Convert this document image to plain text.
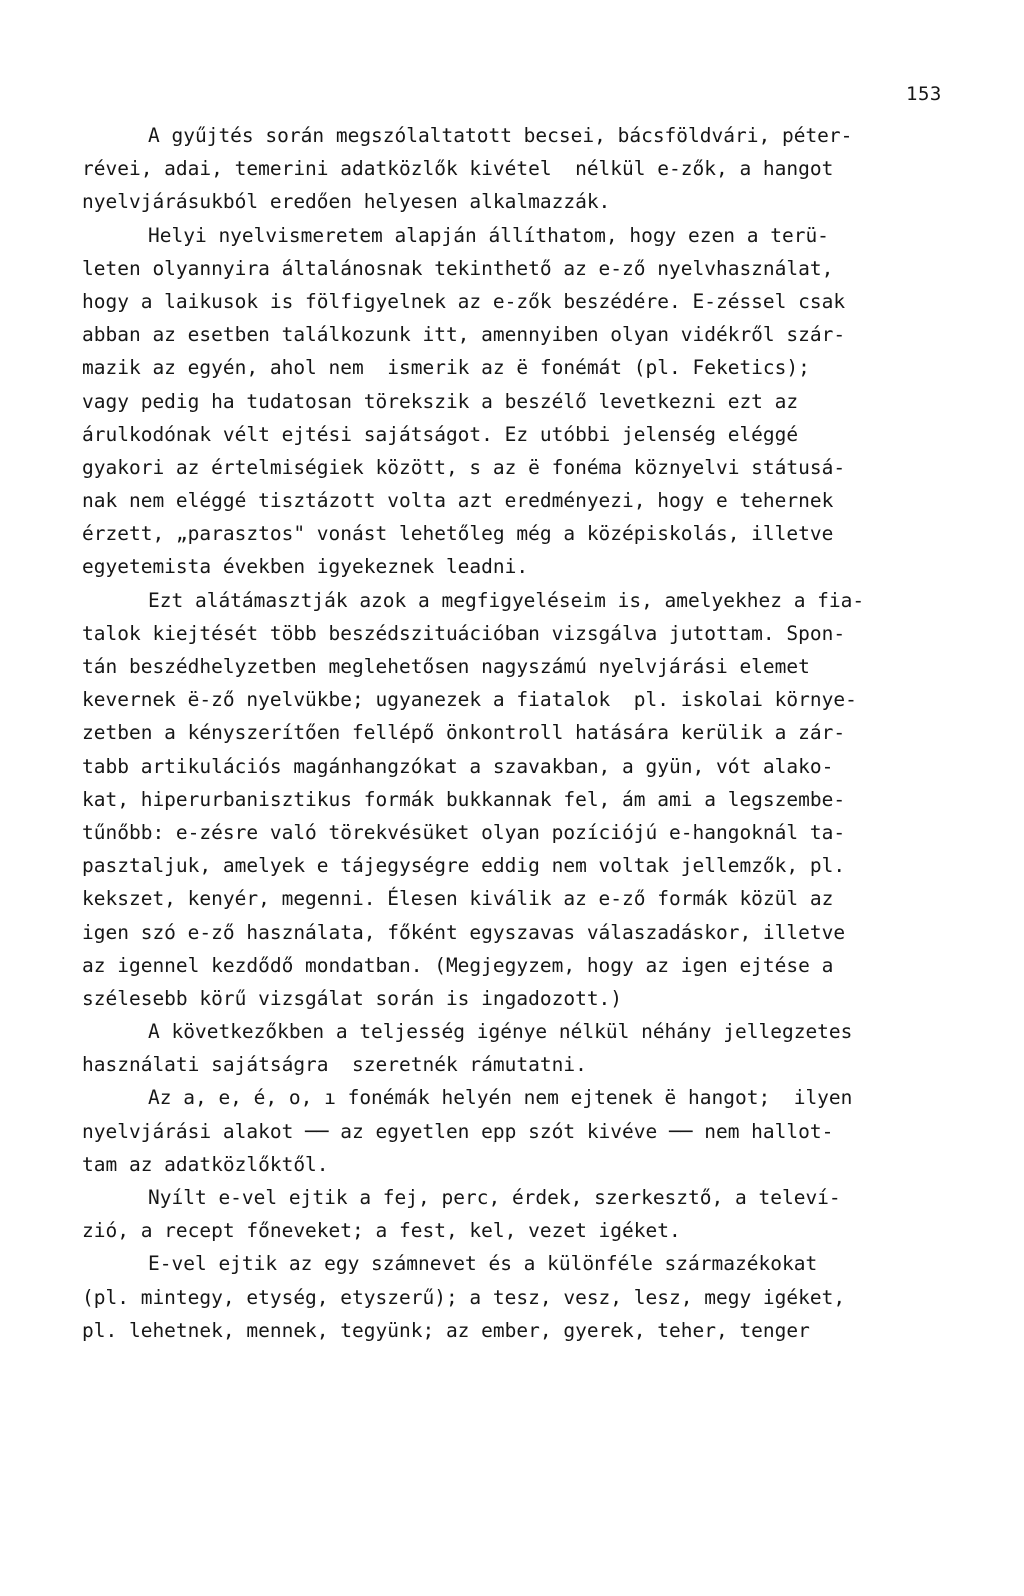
153
A gyűjtés során megszólaltatott becsei, bácsföldvári, péter-
révei, adai, temerini adatközlők kivétel  nélkül e-zők, a hangot
nyelvjárásukból eredően helyesen alkalmazzák.
Helyi nyelvismeretem alapján állíthatom, hogy ezen a terü-
leten olyannyira általánosnak tekinthető az e-ző nyelvhasználat,
hogy a laikusok is fölfigyelnek az e-zők beszédére. E-zéssel csak
abban az esetben találkozunk itt, amennyiben olyan vidékről szár-
mazik az egyén, ahol nem  ismerik az ë fonémát (pl. Feketics);
vagy pedig ha tudatosan törekszik a beszélő levetkezni ezt az
árulkodónak vélt ejtési sajátságot. Ez utóbbi jelenség eléggé
gyakori az értelmiségiek között, s az ë fonéma köznyelvi státusá-
nak nem eléggé tisztázott volta azt eredményezi, hogy e tehernek
érzett, „parasztos" vonást lehetőleg még a középiskolás, illetve
egyetemista években igyekeznek leadni.
Ezt alátámasztják azok a megfigyeléseim is, amelyekhez a fia-
talok kiejtését több beszédszituációban vizsgálva jutottam. Spon-
tán beszédhelyzetben meglehetősen nagyszámú nyelvjárási elemet
kevernek ë-ző nyelvükbe; ugyanezek a fiatalok  pl. iskolai környe-
zetben a kényszerítően fellépő önkontroll hatására kerülik a zár-
tabb artikulációs magánhangzókat a szavakban, a gyün, vót alako-
kat, hiperurbanisztikus formák bukkannak fel, ám ami a legszembe-
tűnőbb: e-zésre való törekvésüket olyan pozíciójú e-hangoknál ta-
pasztaljuk, amelyek e tájegységre eddig nem voltak jellemzők, pl.
kekszet, kenyér, megenni. Élesen kiválik az e-ző formák közül az
igen szó e-ző használata, főként egyszavas válaszadáskor, illetve
az igennel kezdődő mondatban. (Megjegyzem, hogy az igen ejtése a
szélesebb körű vizsgálat során is ingadozott.)
A következőkben a teljesség igénye nélkül néhány jellegzetes
használati sajátságra  szeretnék rámutatni.
Az a, e, é, o, ı fonémák helyén nem ejtenek ë hangot;  ilyen
nyelvjárási alakot ── az egyetlen epp szót kivéve ── nem hallot-
tam az adatközlőktől.
Nyílt e-vel ejtik a fej, perc, érdek, szerkesztő, a televí-
zió, a recept főneveket; a fest, kel, vezet igéket.
E-vel ejtik az egy számnevet és a különféle származékokat
(pl. mintegy, etység, etyszerű); a tesz, vesz, lesz, megy igéket,
pl. lehetnek, mennek, tegyünk; az ember, gyerek, teher, tenger
